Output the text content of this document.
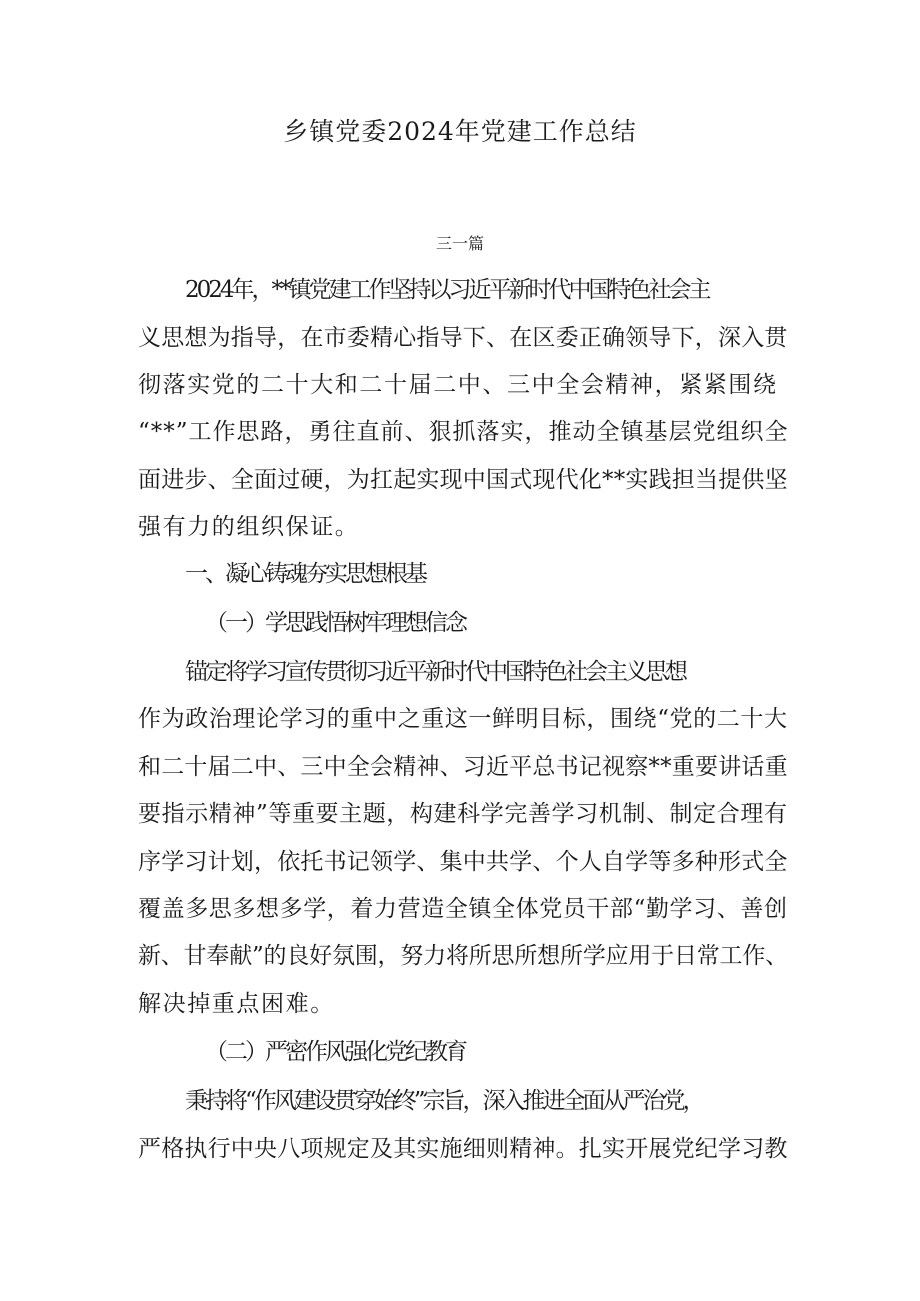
乡镇党委2024年党建工作总结
三一篇
2024年，**镇党建工作坚持以习近平新时代中国特色社会主
义思想为指导，在市委精心指导下、在区委正确领导下，深入贯
彻落实党的二十大和二十届二中、三中全会精神，紧紧围绕
“**”工作思路，勇往直前、狠抓落实，推动全镇基层党组织全
面进步、全面过硬，为扛起实现中国式现代化**实践担当提供坚
强有力的组织保证。
一、凝心铸魂夯实思想根基
（一）学思践悟树牢理想信念
锚定将学习宣传贯彻习近平新时代中国特色社会主义思想
作为政治理论学习的重中之重这一鲜明目标，围绕“党的二十大
和二十届二中、三中全会精神、习近平总书记视察**重要讲话重
要指示精神”等重要主题，构建科学完善学习机制、制定合理有
序学习计划，依托书记领学、集中共学、个人自学等多种形式全
覆盖多思多想多学，着力营造全镇全体党员干部“勤学习、善创
新、甘奉献”的良好氛围，努力将所思所想所学应用于日常工作、
解决掉重点困难。
（二）严密作风强化党纪教育
秉持将“作风建设贯穿始终”宗旨，深入推进全面从严治党，
严格执行中央八项规定及其实施细则精神。扎实开展党纪学习教
